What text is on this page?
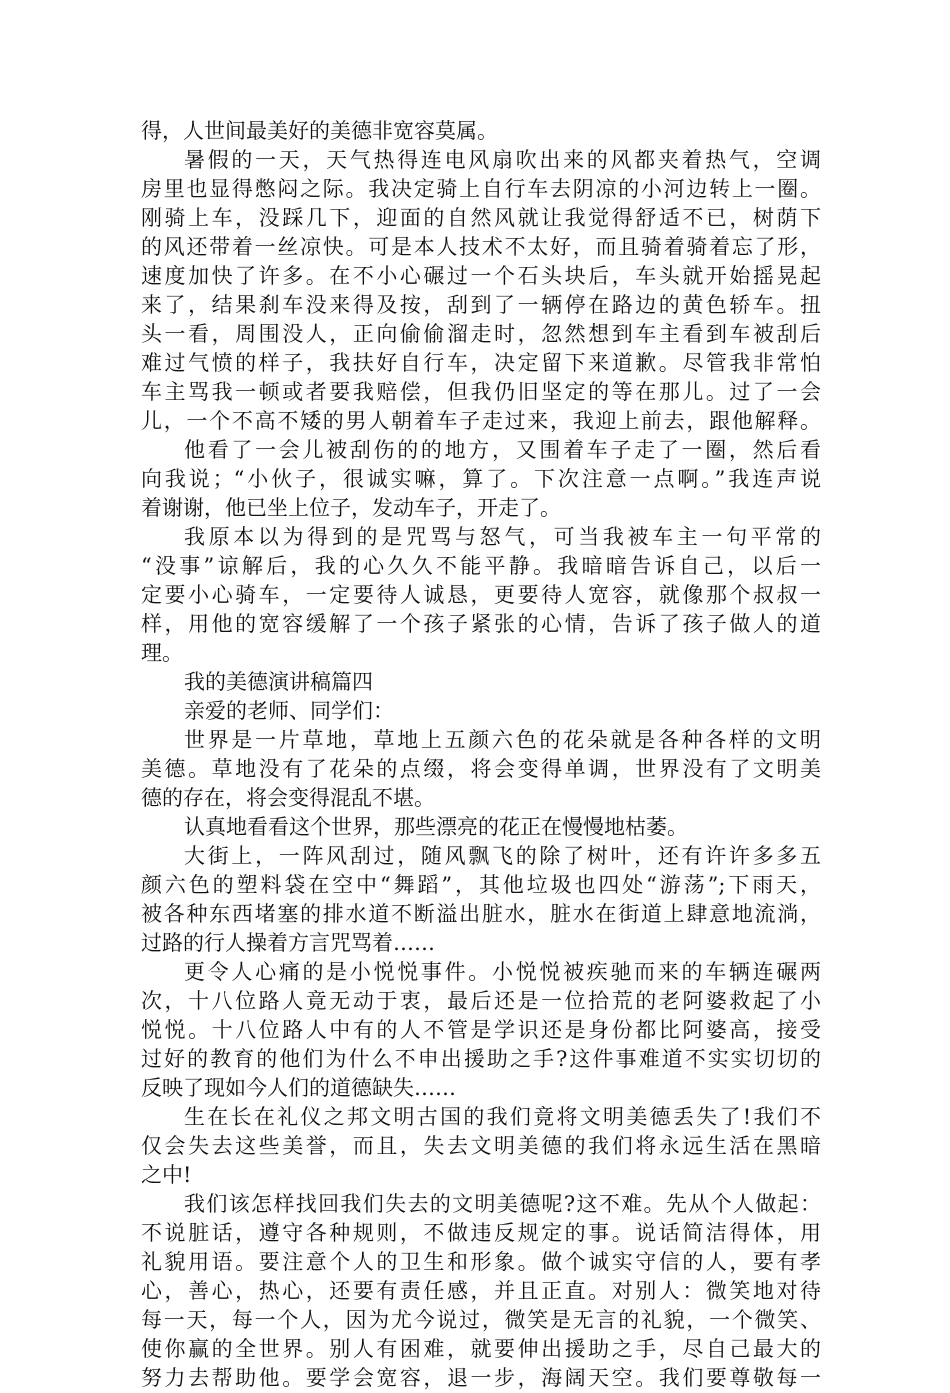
得，人世间最美好的美德非宽容莫属。
暑假的一天，天气热得连电风扇吹出来的风都夹着热气，空调
房里也显得憋闷之际。我决定骑上自行车去阴凉的小河边转上一圈。
刚骑上车，没踩几下，迎面的自然风就让我觉得舒适不已，树荫下
的风还带着一丝凉快。可是本人技术不太好，而且骑着骑着忘了形，
速度加快了许多。在不小心碾过一个石头块后，车头就开始摇晃起
来了，结果刹车没来得及按，刮到了一辆停在路边的黄色轿车。扭
头一看，周围没人，正向偷偷溜走时，忽然想到车主看到车被刮后
难过气愤的样子，我扶好自行车，决定留下来道歉。尽管我非常怕
车主骂我一顿或者要我赔偿，但我仍旧坚定的等在那儿。过了一会
儿，一个不高不矮的男人朝着车子走过来，我迎上前去，跟他解释。
他看了一会儿被刮伤的的地方，又围着车子走了一圈，然后看
向我说；“小伙子，很诚实嘛，算了。下次注意一点啊。”我连声说
着谢谢，他已坐上位子，发动车子，开走了。
我原本以为得到的是咒骂与怒气，可当我被车主一句平常的
“没事”谅解后，我的心久久不能平静。我暗暗告诉自己，以后一
定要小心骑车，一定要待人诚恳，更要待人宽容，就像那个叔叔一
样，用他的宽容缓解了一个孩子紧张的心情，告诉了孩子做人的道
理。
我的美德演讲稿篇四
亲爱的老师、同学们：
世界是一片草地，草地上五颜六色的花朵就是各种各样的文明
美德。草地没有了花朵的点缀，将会变得单调，世界没有了文明美
德的存在，将会变得混乱不堪。
认真地看看这个世界，那些漂亮的花正在慢慢地枯萎。
大街上，一阵风刮过，随风飘飞的除了树叶，还有许许多多五
颜六色的塑料袋在空中“舞蹈”，其他垃圾也四处“游荡”;下雨天，
被各种东西堵塞的排水道不断溢出脏水，脏水在街道上肆意地流淌，
过路的行人操着方言咒骂着……
更令人心痛的是小悦悦事件。小悦悦被疾驰而来的车辆连碾两
次，十八位路人竟无动于衷，最后还是一位拾荒的老阿婆救起了小
悦悦。十八位路人中有的人不管是学识还是身份都比阿婆高，接受
过好的教育的他们为什么不申出援助之手?这件事难道不实实切切的
反映了现如今人们的道德缺失……
生在长在礼仪之邦文明古国的我们竟将文明美德丢失了!我们不
仅会失去这些美誉，而且，失去文明美德的我们将永远生活在黑暗
之中!
我们该怎样找回我们失去的文明美德呢?这不难。先从个人做起：
不说脏话，遵守各种规则，不做违反规定的事。说话简洁得体，用
礼貌用语。要注意个人的卫生和形象。做个诚实守信的人，要有孝
心，善心，热心，还要有责任感，并且正直。对别人：微笑地对待
每一天，每一个人，因为尤今说过，微笑是无言的礼貌，一个微笑、
使你赢的全世界。别人有困难，就要伸出援助之手，尽自己最大的
努力去帮助他。要学会宽容，退一步，海阔天空。我们要尊敬每一
